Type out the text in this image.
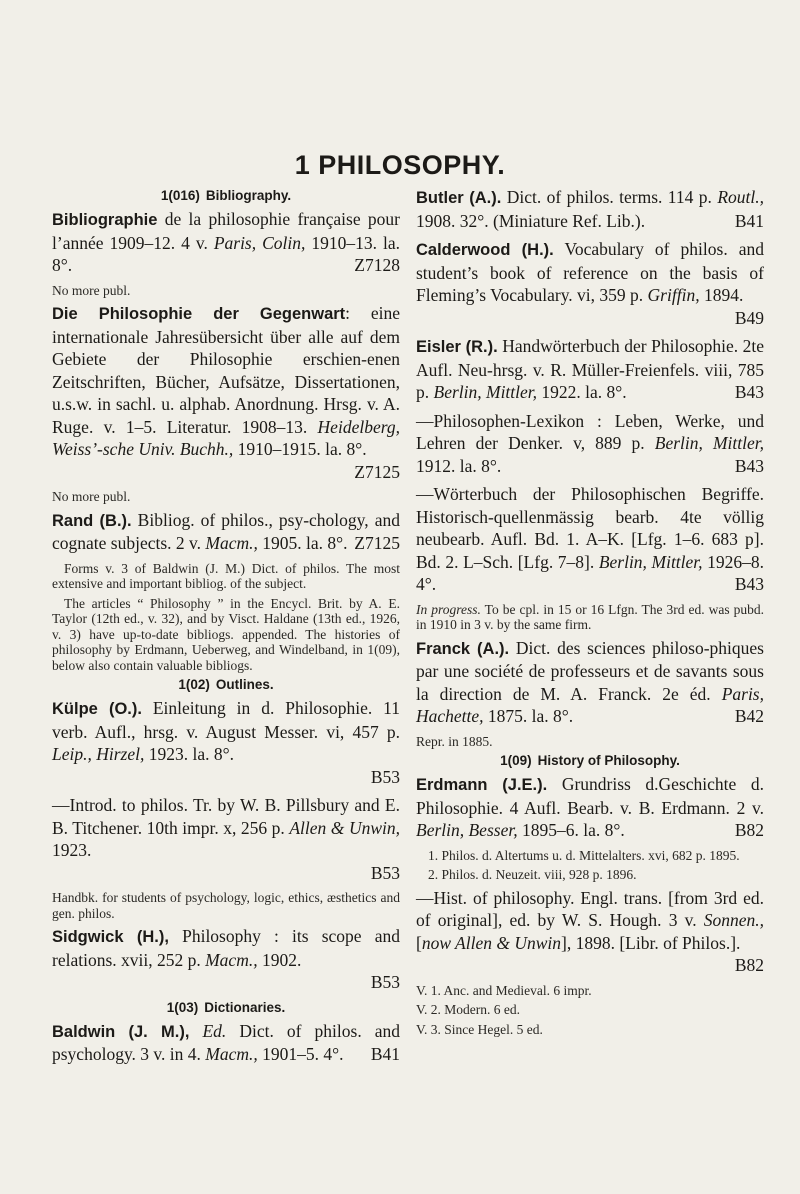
1 PHILOSOPHY.
1(016) Bibliography.
Bibliographie de la philosophie française pour l’année 1909–12. 4 v. Paris, Colin, 1910–13. la. 8°.	Z7128
No more publ.
Die Philosophie der Gegenwart: eine internationale Jahresübersicht über alle auf dem Gebiete der Philosophie erschien-enen Zeitschriften, Bücher, Aufsätze, Dissertationen, u.s.w. in sachl. u. alphab. Anordnung. Hrsg. v. A. Ruge. v. 1–5. Literatur. 1908–13. Heidelberg, Weiss’-sche Univ. Buchh., 1910–1915. la. 8°.
Z7125
No more publ.
Rand (B.). Bibliog. of philos., psy-chology, and cognate subjects. 2 v. Macm., 1905. la. 8°. Z7125
Forms v. 3 of Baldwin (J. M.) Dict. of philos. The most extensive and important bibliog. of the subject.
The articles “ Philosophy ” in the Encycl. Brit. by A. E. Taylor (12th ed., v. 32), and by Visct. Haldane (13th ed., 1926, v. 3) have up-to-date bibliogs. appended. The histories of philosophy by Erdmann, Ueberweg, and Windelband, in 1(09), below also contain valuable bibliogs.
1(02) Outlines.
Külpe (O.). Einleitung in d. Philosophie. 11 verb. Aufl., hrsg. v. August Messer. vi, 457 p. Leip., Hirzel, 1923. la. 8°.
B53
—Introd. to philos. Tr. by W. B. Pillsbury and E. B. Titchener. 10th impr. x, 256 p. Allen & Unwin, 1923.
B53
Handbk. for students of psychology, logic, ethics, æsthetics and gen. philos.
Sidgwick (H.), Philosophy : its scope and relations. xvii, 252 p. Macm., 1902.
B53
1(03) Dictionaries.
Baldwin (J. M.), Ed. Dict. of philos. and psychology. 3 v. in 4. Macm., 1901–5. 4°. B41
Butler (A.). Dict. of philos. terms. 114 p. Routl., 1908. 32°. (Miniature Ref. Lib.).	B41
Calderwood (H.). Vocabulary of philos. and student’s book of reference on the basis of Fleming’s Vocabulary. vi, 359 p. Griffin, 1894.
B49
Eisler (R.). Handwörterbuch der Philosophie. 2te Aufl. Neu-hrsg. v. R. Müller-Freienfels. viii, 785 p. Berlin, Mittler, 1922. la. 8°.	B43
—Philosophen-Lexikon : Leben, Werke, und Lehren der Denker. v, 889 p. Berlin, Mittler, 1912. la. 8°.	B43
—Wörterbuch der Philosophischen Begriffe. Historisch-quellenmässig bearb. 4te völlig neubearb. Aufl. Bd. 1. A–K. [Lfg. 1–6. 683 p]. Bd. 2. L–Sch. [Lfg. 7–8]. Berlin, Mittler, 1926–8. 4°.	B43
In progress. To be cpl. in 15 or 16 Lfgn. The 3rd ed. was pubd. in 1910 in 3 v. by the same firm.
Franck (A.). Dict. des sciences philoso-phiques par une société de professeurs et de savants sous la direction de M. A. Franck. 2e éd. Paris, Hachette, 1875. la. 8°.	B42
Repr. in 1885.
1(09) History of Philosophy.
Erdmann (J.E.). Grundriss d.Geschichte d. Philosophie. 4 Aufl. Bearb. v. B. Erdmann. 2 v. Berlin, Besser, 1895–6. la. 8°.	B82
1. Philos. d. Altertums u. d. Mittelalters. xvi, 682 p. 1895.
2. Philos. d. Neuzeit. viii, 928 p. 1896.
—Hist. of philosophy. Engl. trans. [from 3rd ed. of original], ed. by W. S. Hough. 3 v. Sonnen., [now Allen & Unwin], 1898. [Libr. of Philos.].
B82
V. 1. Anc. and Medieval. 6 impr.
V. 2. Modern. 6 ed.
V. 3. Since Hegel. 5 ed.
